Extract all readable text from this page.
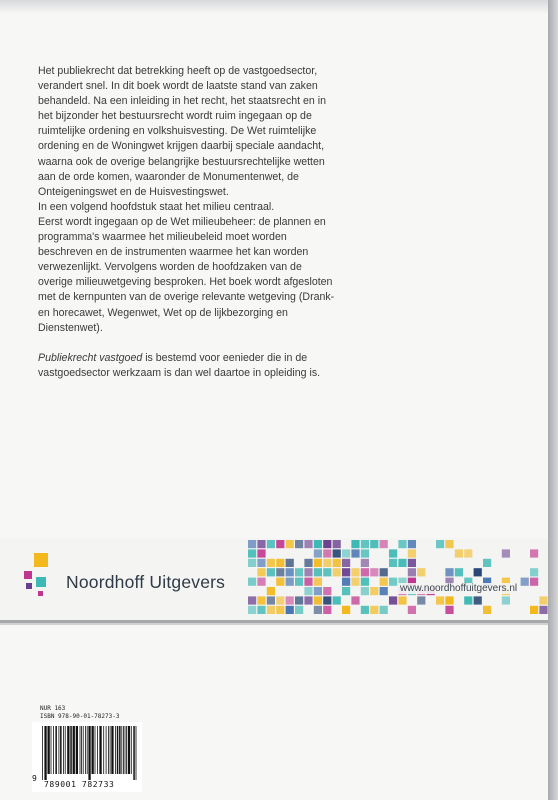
Het publiekrecht dat betrekking heeft op de vastgoedsector, verandert snel. In dit boek wordt de laatste stand van zaken behandeld. Na een inleiding in het recht, het staatsrecht en in het bijzonder het bestuursrecht wordt ruim ingegaan op de ruimtelijke ordening en volkshuisvesting. De Wet ruimtelijke ordening en de Woningwet krijgen daarbij speciale aandacht, waarna ook de overige belangrijke bestuursrechtelijke wetten aan de orde komen, waaronder de Monumentenwet, de Onteigeningswet en de Huisvestingswet.

In een volgend hoofdstuk staat het milieu centraal.

Eerst wordt ingegaan op de Wet milieubeheer: de plannen en programma's waarmee het milieubeleid moet worden beschreven en de instrumenten waarmee het kan worden verwezenlijkt. Vervolgens worden de hoofdzaken van de overige milieuwetgeving besproken. Het boek wordt afgesloten met de kernpunten van de overige relevante wetgeving (Drank- en horecawet, Wegenwet, Wet op de lijkbezorging en Dienstenwet).

Publiekrecht vastgoed is bestemd voor eenieder die in de vastgoedsector werkzaam is dan wel daartoe in opleiding is.

Noordhoff Uitgevers	www.noordhoffuitgevers.nl
NUR 163
ISBN 978-90-01-78273-3
9
789001 782733
